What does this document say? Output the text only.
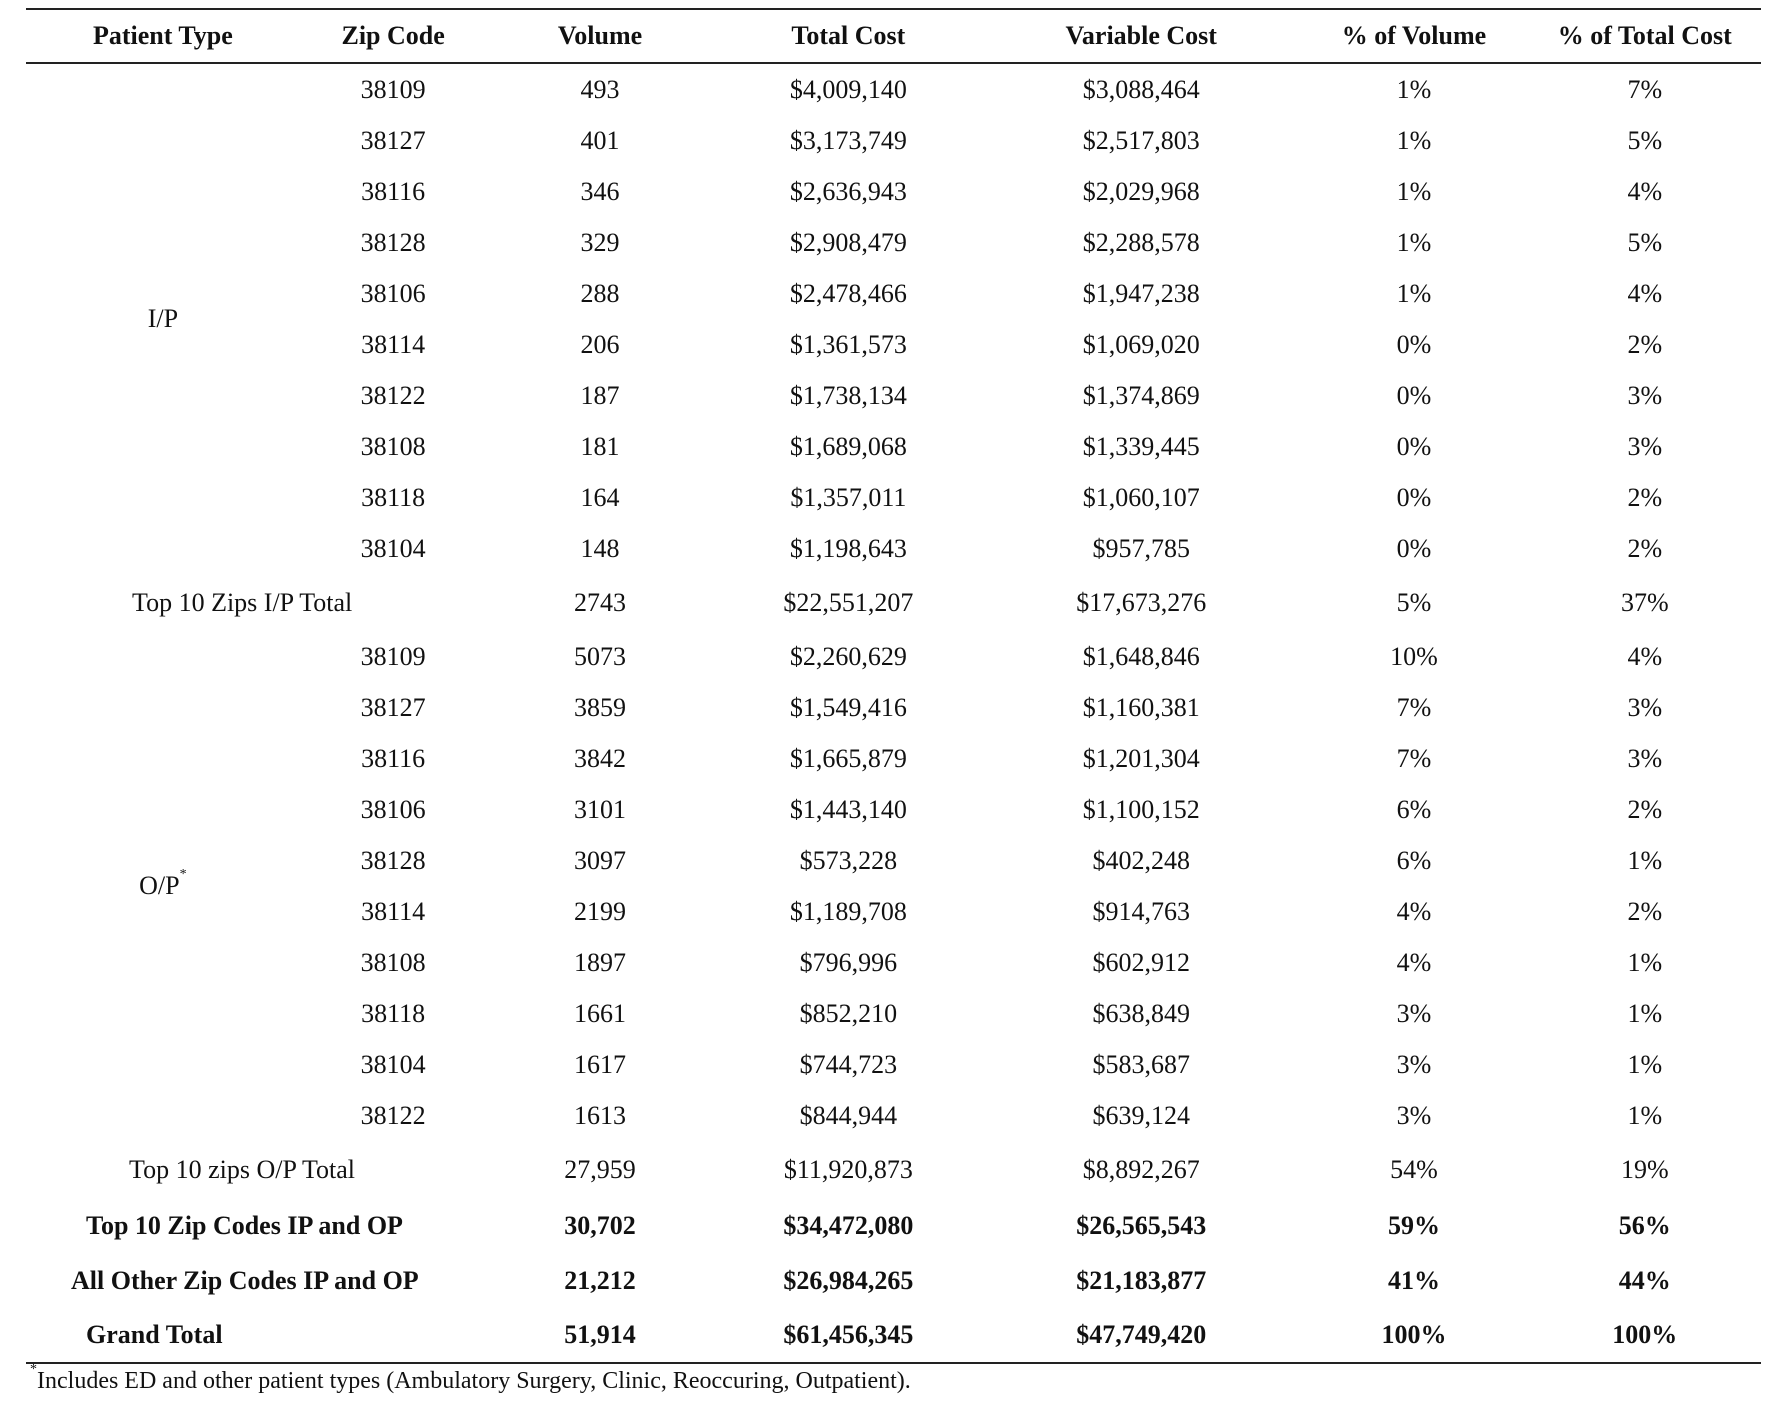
Patient Type	Zip Code	Volume	Total Cost	Variable Cost	% of Volume	% of Total Cost
I/P	38109	493	$4,009,140	$3,088,464	1%	7%
	38127	401	$3,173,749	$2,517,803	1%	5%
	38116	346	$2,636,943	$2,029,968	1%	4%
	38128	329	$2,908,479	$2,288,578	1%	5%
	38106	288	$2,478,466	$1,947,238	1%	4%
	38114	206	$1,361,573	$1,069,020	0%	2%
	38122	187	$1,738,134	$1,374,869	0%	3%
	38108	181	$1,689,068	$1,339,445	0%	3%
	38118	164	$1,357,011	$1,060,107	0%	2%
	38104	148	$1,198,643	$957,785	0%	2%
Top 10 Zips I/P Total		2743	$22,551,207	$17,673,276	5%	37%
O/P*	38109	5073	$2,260,629	$1,648,846	10%	4%
	38127	3859	$1,549,416	$1,160,381	7%	3%
	38116	3842	$1,665,879	$1,201,304	7%	3%
	38106	3101	$1,443,140	$1,100,152	6%	2%
	38128	3097	$573,228	$402,248	6%	1%
	38114	2199	$1,189,708	$914,763	4%	2%
	38108	1897	$796,996	$602,912	4%	1%
	38118	1661	$852,210	$638,849	3%	1%
	38104	1617	$744,723	$583,687	3%	1%
	38122	1613	$844,944	$639,124	3%	1%
Top 10 zips O/P Total		27,959	$11,920,873	$8,892,267	54%	19%
Top 10 Zip Codes IP and OP		30,702	$34,472,080	$26,565,543	59%	56%
All Other Zip Codes IP and OP		21,212	$26,984,265	$21,183,877	41%	44%
Grand Total		51,914	$61,456,345	$47,749,420	100%	100%
*Includes ED and other patient types (Ambulatory Surgery, Clinic, Reoccuring, Outpatient).
